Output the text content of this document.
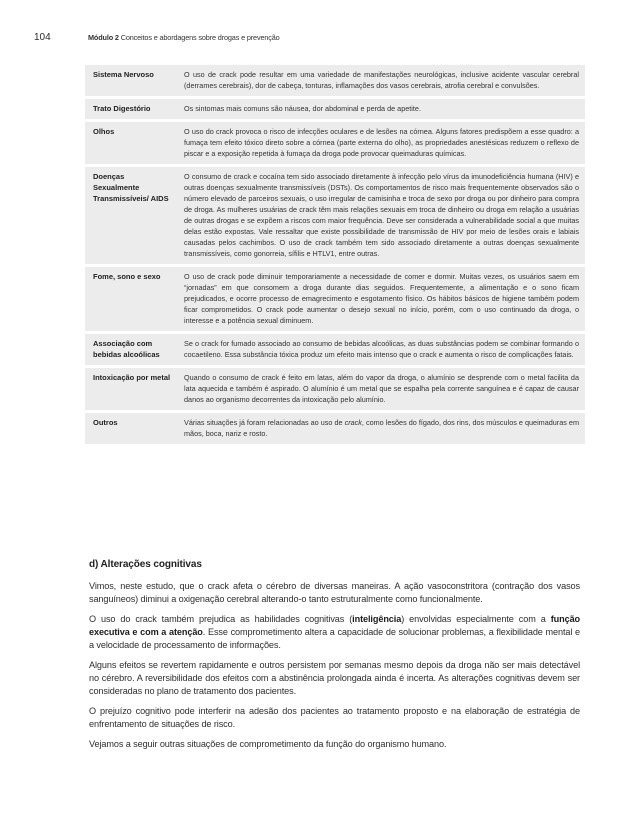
104	Módulo 2 Conceitos e abordagens sobre drogas e prevenção
Sistema Nervoso	O uso de crack pode resultar em uma variedade de manifestações neurológicas, inclusive acidente vascular cerebral (derrames cerebrais), dor de cabeça, tonturas, inflamações dos vasos cerebrais, atrofia cerebral e convulsões.
Trato Digestório	Os sintomas mais comuns são náusea, dor abdominal e perda de apetite.
Olhos	O uso do crack provoca o risco de infecções oculares e de lesões na córnea. Alguns fatores predispõem a esse quadro: a fumaça tem efeito tóxico direto sobre a córnea (parte externa do olho), as propriedades anestésicas reduzem o reflexo de piscar e a exposição repetida à fumaça da droga pode provocar queimaduras químicas.
Doenças Sexualmente Transmissíveis/ AIDS	O consumo de crack e cocaína tem sido associado diretamente à infecção pelo vírus da imunodeficiência humana (HIV) e outras doenças sexualmente transmissíveis (DSTs). Os comportamentos de risco mais frequentemente observados são o número elevado de parceiros sexuais, o uso irregular de camisinha e troca de sexo por droga ou por dinheiro para compra de droga. As mulheres usuárias de crack têm mais relações sexuais em troca de dinheiro ou droga em relação a usuárias de outras drogas e se expõem a riscos com maior frequência. Deve ser considerada a vulnerabilidade social a que muitas delas estão expostas. Vale ressaltar que existe possibilidade de transmissão de HIV por meio de lesões orais e labiais causadas pelos cachimbos. O uso de crack também tem sido associado diretamente a outras doenças sexualmente transmissíveis, como gonorreia, sífilis e HTLV1, entre outras.
Fome, sono e sexo	O uso de crack pode diminuir temporariamente a necessidade de comer e dormir. Muitas vezes, os usuários saem em “jornadas” em que consomem a droga durante dias seguidos. Frequentemente, a alimentação e o sono ficam prejudicados, e ocorre processo de emagrecimento e esgotamento físico. Os hábitos básicos de higiene também podem ficar comprometidos. O crack pode aumentar o desejo sexual no início, porém, com o uso continuado da droga, o interesse e a potência sexual diminuem.
Associação com bebidas alcoólicas	Se o crack for fumado associado ao consumo de bebidas alcoólicas, as duas substâncias podem se combinar formando o cocaetileno. Essa substância tóxica produz um efeito mais intenso que o crack e aumenta o risco de complicações fatais.
Intoxicação por metal	Quando o consumo de crack é feito em latas, além do vapor da droga, o alumínio se desprende com o metal facilita da lata aquecida e também é aspirado. O alumínio é um metal que se espalha pela corrente sanguínea e é capaz de causar danos ao organismo decorrentes da intoxicação pelo alumínio.
Outros	Várias situações já foram relacionadas ao uso de crack, como lesões do fígado, dos rins, dos músculos e queimaduras em mãos, boca, nariz e rosto.
d) Alterações cognitivas

Vimos, neste estudo, que o crack afeta o cérebro de diversas maneiras. A ação vasoconstritora (contração dos vasos sanguíneos) diminui a oxigenação cerebral alterando-o tanto estruturalmente como funcionalmente.

O uso do crack também prejudica as habilidades cognitivas (inteligência) envolvidas especialmente com a função executiva e com a atenção. Esse comprometimento altera a capacidade de solucionar problemas, a flexibilidade mental e a velocidade de processamento de informações.

Alguns efeitos se revertem rapidamente e outros persistem por semanas mesmo depois da droga não ser mais detectável no cérebro. A reversibilidade dos efeitos com a abstinência prolongada ainda é incerta. As alterações cognitivas devem ser consideradas no plano de tratamento dos pacientes.

O prejuízo cognitivo pode interferir na adesão dos pacientes ao tratamento proposto e na elaboração de estratégia de enfrentamento de situações de risco.

Vejamos a seguir outras situações de comprometimento da função do organismo humano.
